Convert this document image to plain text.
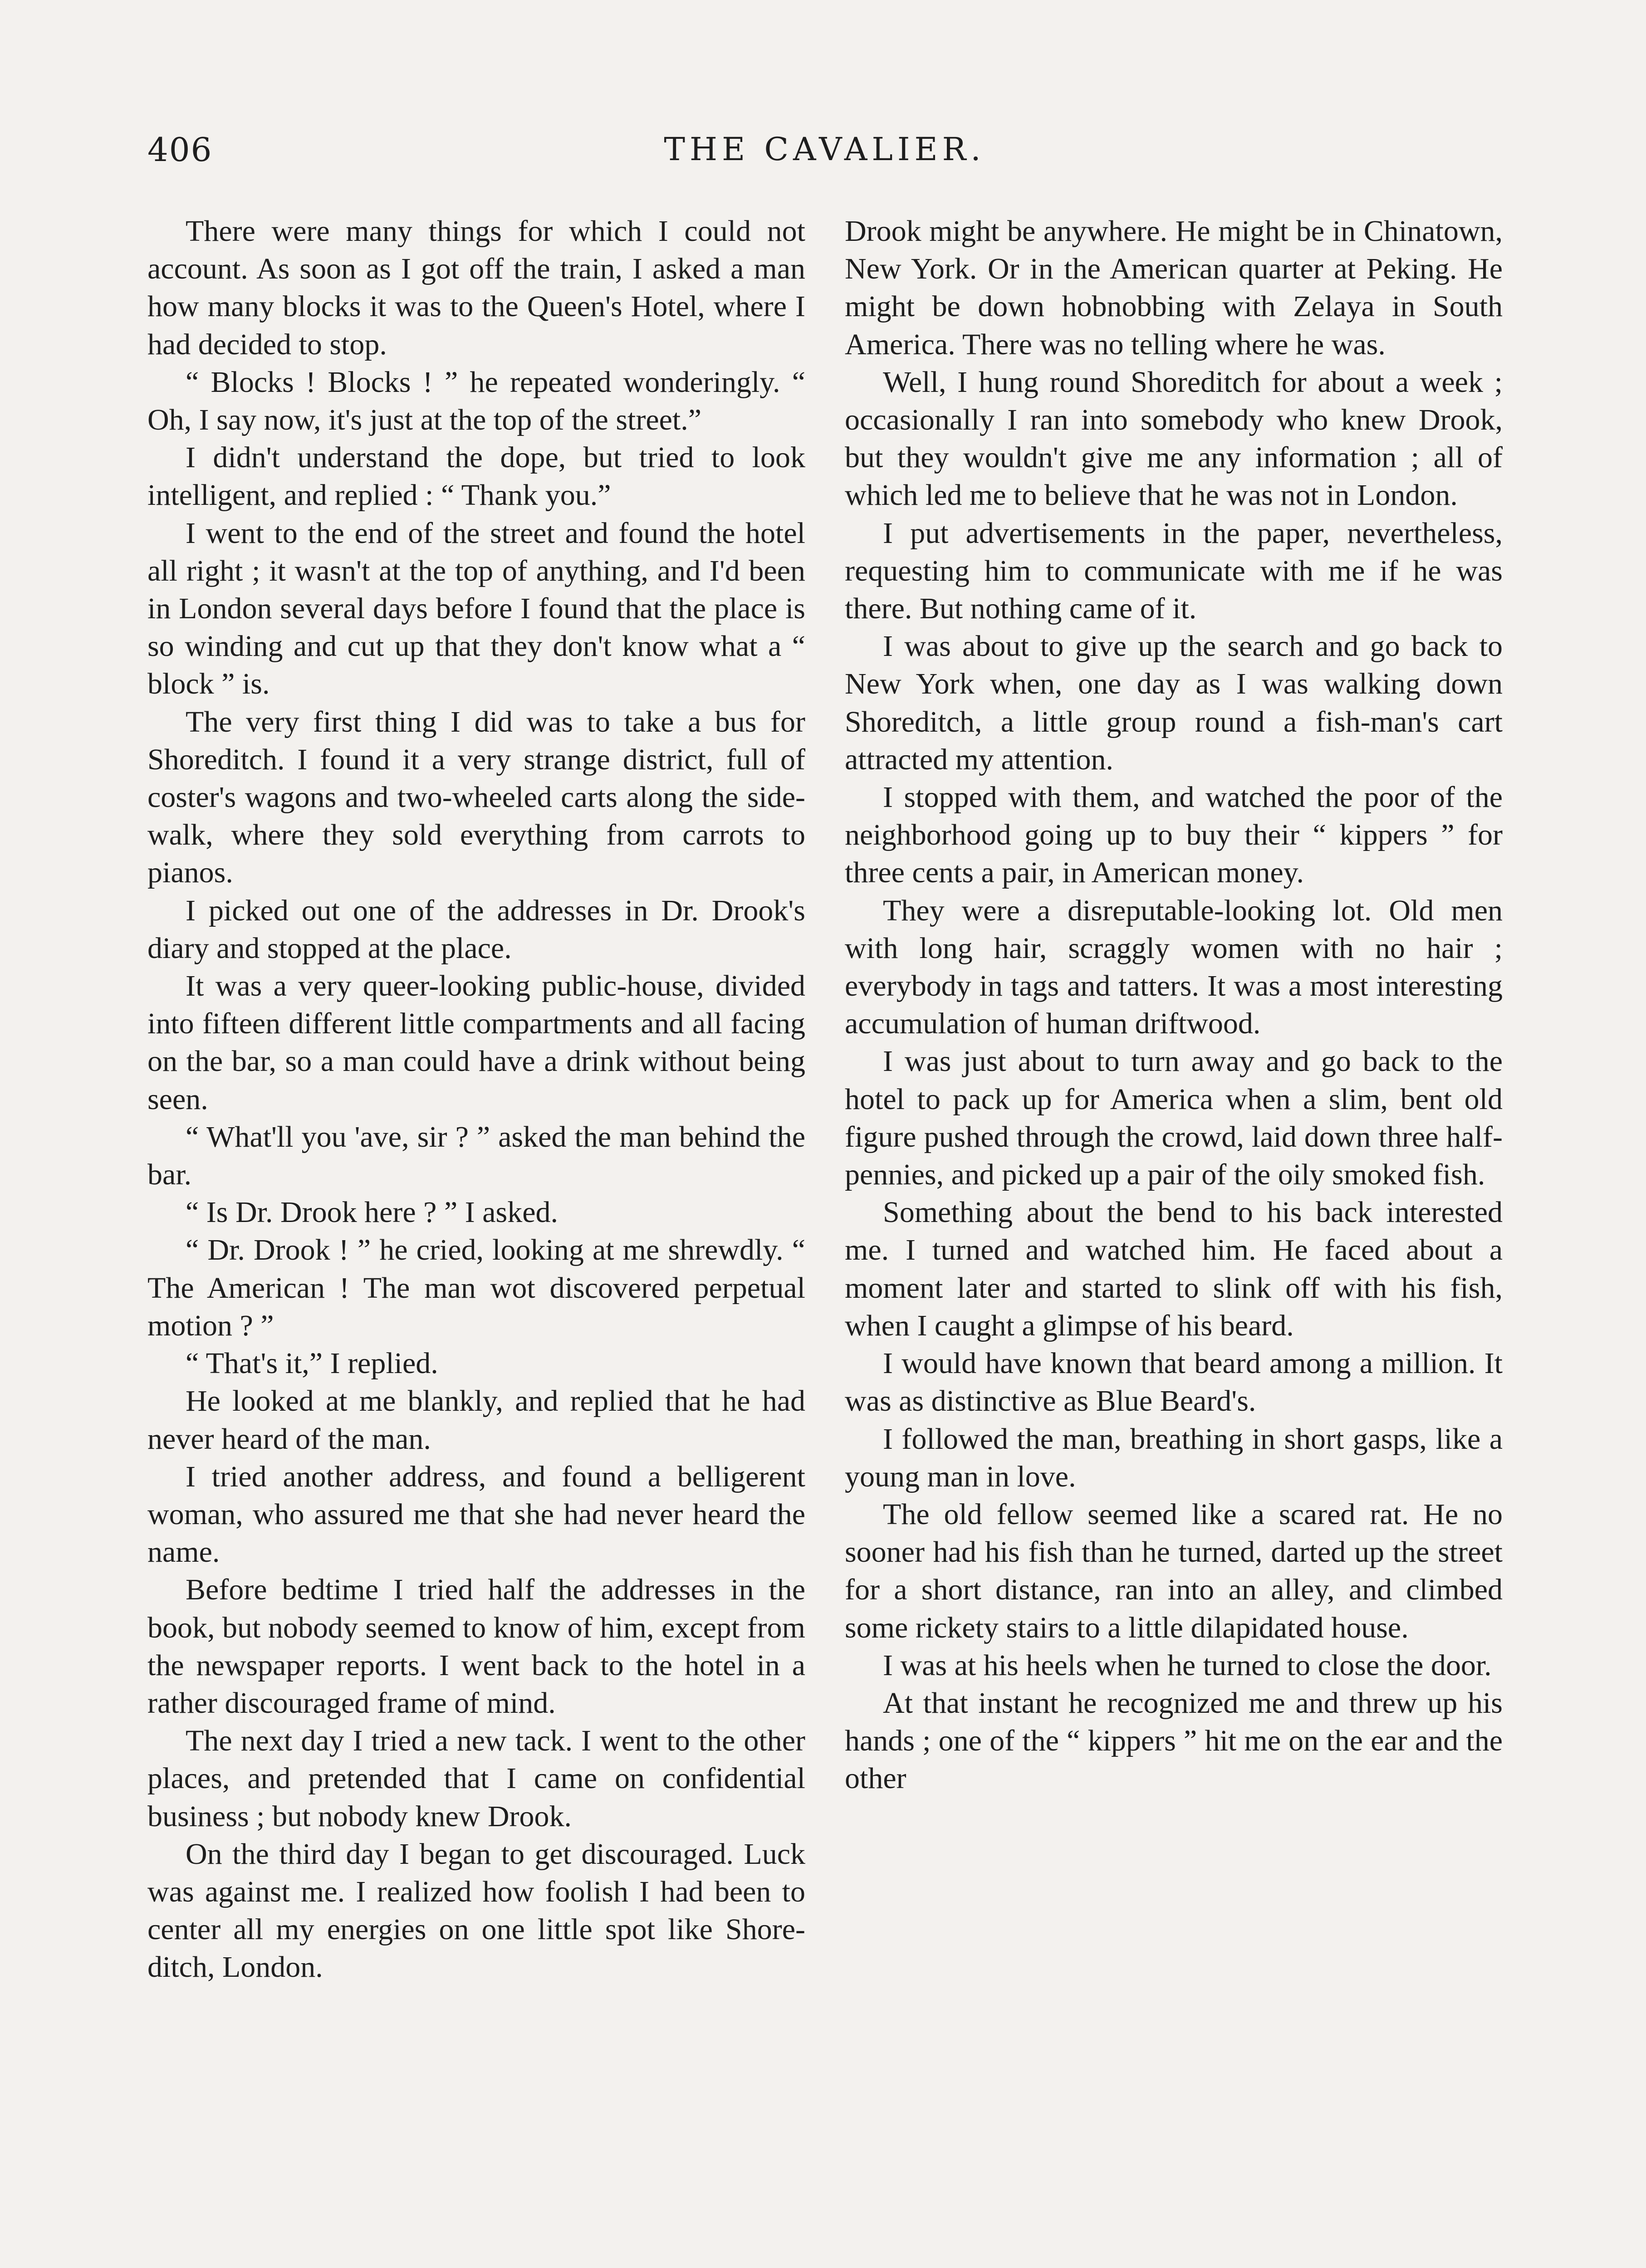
406	THE CAVALIER.

There were many things for which I could not account. As soon as I got off the train, I asked a man how many blocks it was to the Queen's Hotel, where I had decided to stop.

“ Blocks ! Blocks ! ” he repeated wonderingly. “ Oh, I say now, it's just at the top of the street.”

I didn't understand the dope, but tried to look intelligent, and replied : “ Thank you.”

I went to the end of the street and found the hotel all right ; it wasn't at the top of anything, and I'd been in London several days before I found that the place is so winding and cut up that they don't know what a “ block ” is.

The very first thing I did was to take a bus for Shoreditch. I found it a very strange district, full of coster's wagons and two-wheeled carts along the sidewalk, where they sold everything from carrots to pianos.

I picked out one of the addresses in Dr. Drook's diary and stopped at the place.

It was a very queer-looking public-house, divided into fifteen different little compartments and all facing on the bar, so a man could have a drink without being seen.

“ What'll you 'ave, sir ? ” asked the man behind the bar.

“ Is Dr. Drook here ? ” I asked.

“ Dr. Drook ! ” he cried, looking at me shrewdly. “ The American ! The man wot discovered perpetual motion ? ”

“ That's it,” I replied.

He looked at me blankly, and replied that he had never heard of the man.

I tried another address, and found a belligerent woman, who assured me that she had never heard the name.

Before bedtime I tried half the addresses in the book, but nobody seemed to know of him, except from the newspaper reports. I went back to the hotel in a rather discouraged frame of mind.

The next day I tried a new tack. I went to the other places, and pretended that I came on confidential business ; but nobody knew Drook.

On the third day I began to get discouraged. Luck was against me. I realized how foolish I had been to center all my energies on one little spot like Shoreditch, London.

Drook might be anywhere. He might be in Chinatown, New York. Or in the American quarter at Peking. He might be down hobnobbing with Zelaya in South America. There was no telling where he was.

Well, I hung round Shoreditch for about a week ; occasionally I ran into somebody who knew Drook, but they wouldn't give me any information ; all of which led me to believe that he was not in London.

I put advertisements in the paper, nevertheless, requesting him to communicate with me if he was there. But nothing came of it.

I was about to give up the search and go back to New York when, one day as I was walking down Shoreditch, a little group round a fish-man's cart attracted my attention.

I stopped with them, and watched the poor of the neighborhood going up to buy their “ kippers ” for three cents a pair, in American money.

They were a disreputable-looking lot. Old men with long hair, scraggly women with no hair ; everybody in tags and tatters. It was a most interesting accumulation of human driftwood.

I was just about to turn away and go back to the hotel to pack up for America when a slim, bent old figure pushed through the crowd, laid down three halfpennies, and picked up a pair of the oily smoked fish.

Something about the bend to his back interested me. I turned and watched him. He faced about a moment later and started to slink off with his fish, when I caught a glimpse of his beard.

I would have known that beard among a million. It was as distinctive as Blue Beard's.

I followed the man, breathing in short gasps, like a young man in love.

The old fellow seemed like a scared rat. He no sooner had his fish than he turned, darted up the street for a short distance, ran into an alley, and climbed some rickety stairs to a little dilapidated house.

I was at his heels when he turned to close the door.

At that instant he recognized me and threw up his hands ; one of the “ kippers ” hit me on the ear and the other
